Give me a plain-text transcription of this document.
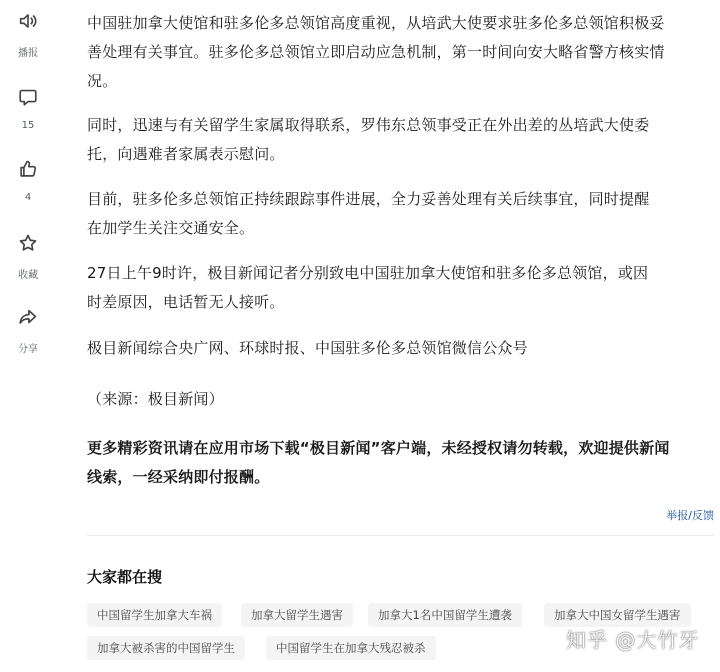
播报
15
4
收藏
分享

中国驻加拿大使馆和驻多伦多总领馆高度重视，从培武大使要求驻多伦多总领馆积极妥
善处理有关事宜。驻多伦多总领馆立即启动应急机制，第一时间向安大略省警方核实情
况。

同时，迅速与有关留学生家属取得联系，罗伟东总领事受正在外出差的丛培武大使委
托，向遇难者家属表示慰问。

目前，驻多伦多总领馆正持续跟踪事件进展，全力妥善处理有关后续事宜，同时提醒
在加学生关注交通安全。

27日上午9时许，极目新闻记者分别致电中国驻加拿大使馆和驻多伦多总领馆，或因
时差原因，电话暂无人接听。

极目新闻综合央广网、环球时报、中国驻多伦多总领馆微信公众号

（来源：极目新闻）

更多精彩资讯请在应用市场下载“极目新闻”客户端，未经授权请勿转载，欢迎提供新闻
线索，一经采纳即付报酬。

举报/反馈
大家都在搜
中国留学生加拿大车祸	加拿大留学生遇害	加拿大1名中国留学生遭袭	加拿大中国女留学生遇害
加拿大被杀害的中国留学生	中国留学生在加拿大残忍被杀	知乎 @大竹牙
